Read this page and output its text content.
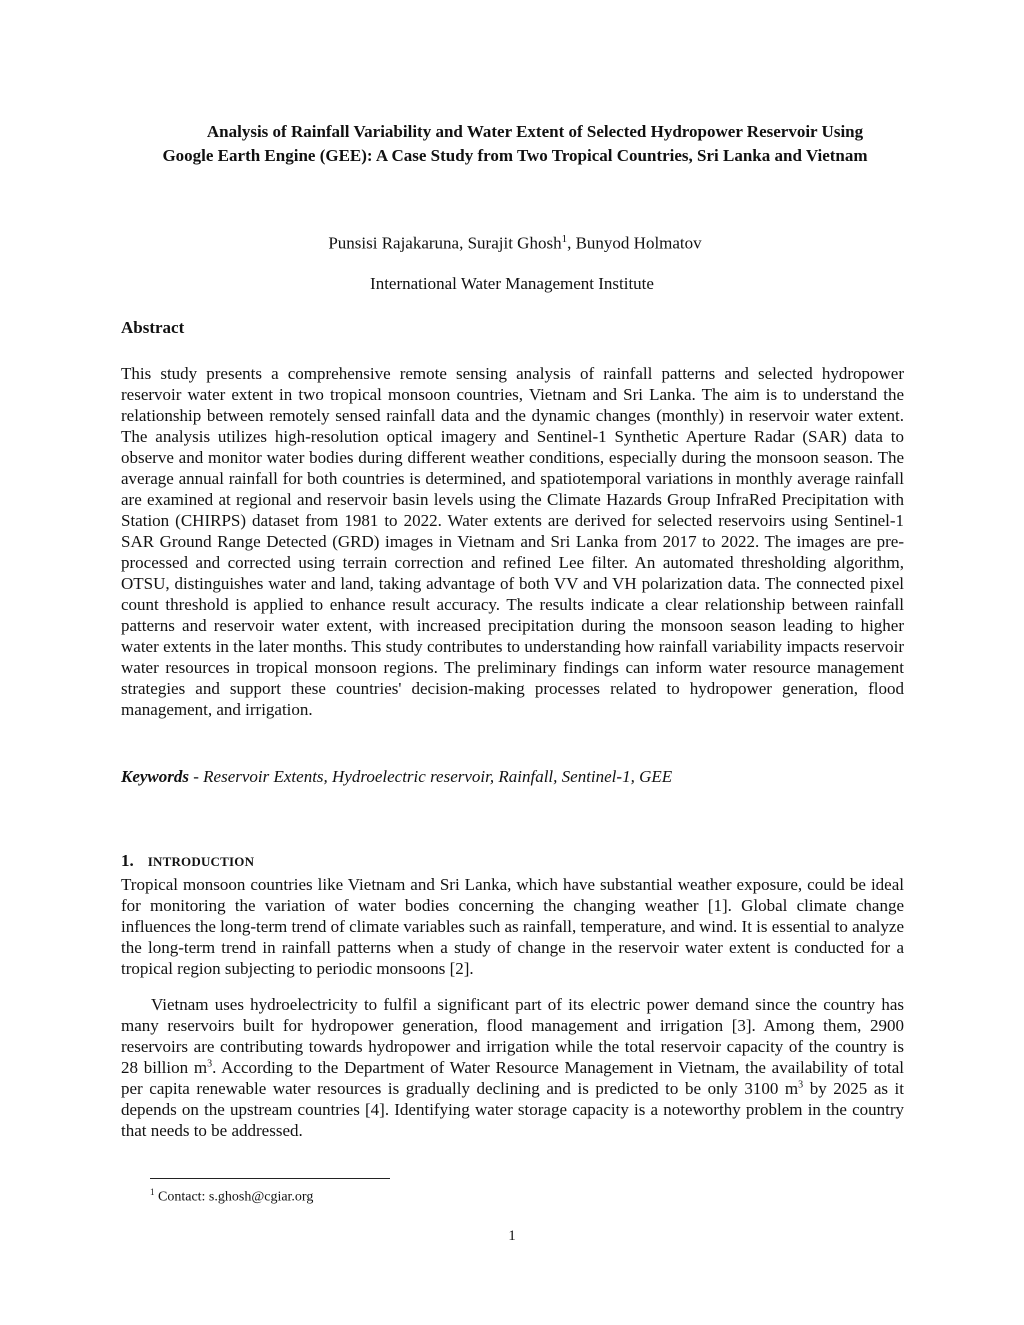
Analysis of Rainfall Variability and Water Extent of Selected Hydropower Reservoir Using
Google Earth Engine (GEE): A Case Study from Two Tropical Countries, Sri Lanka and Vietnam

Punsisi Rajakaruna, Surajit Ghosh$^1$, Bunyod Holmatov

International Water Management Institute

Abstract

This study presents a comprehensive remote sensing analysis of rainfall patterns and selected hydropower reservoir water extent in two tropical monsoon countries, Vietnam and Sri Lanka. The aim is to understand the relationship between remotely sensed rainfall data and the dynamic changes (monthly) in reservoir water extent. The analysis utilizes high-resolution optical imagery and Sentinel-1 Synthetic Aperture Radar (SAR) data to observe and monitor water bodies during different weather conditions, especially during the monsoon season. The average annual rainfall for both countries is determined, and spatiotemporal variations in monthly average rainfall are examined at regional and reservoir basin levels using the Climate Hazards Group InfraRed Precipitation with Station (CHIRPS) dataset from 1981 to 2022. Water extents are derived for selected reservoirs using Sentinel-1 SAR Ground Range Detected (GRD) images in Vietnam and Sri Lanka from 2017 to 2022. The images are pre-processed and corrected using terrain correction and refined Lee filter. An automated thresholding algorithm, OTSU, distinguishes water and land, taking advantage of both VV and VH polarization data. The connected pixel count threshold is applied to enhance result accuracy. The results indicate a clear relationship between rainfall patterns and reservoir water extent, with increased precipitation during the monsoon season leading to higher water extents in the later months. This study contributes to understanding how rainfall variability impacts reservoir water resources in tropical monsoon regions. The preliminary findings can inform water resource management strategies and support these countries' decision-making processes related to hydropower generation, flood management, and irrigation.

Keywords - Reservoir Extents, Hydroelectric reservoir, Rainfall, Sentinel-1, GEE

1. INTRODUCTION

Tropical monsoon countries like Vietnam and Sri Lanka, which have substantial weather exposure, could be ideal for monitoring the variation of water bodies concerning the changing weather [1]. Global climate change influences the long-term trend of climate variables such as rainfall, temperature, and wind. It is essential to analyze the long-term trend in rainfall patterns when a study of change in the reservoir water extent is conducted for a tropical region subjecting to periodic monsoons [2].

Vietnam uses hydroelectricity to fulfil a significant part of its electric power demand since the country has many reservoirs built for hydropower generation, flood management and irrigation [3]. Among them, 2900 reservoirs are contributing towards hydropower and irrigation while the total reservoir capacity of the country is 28 billion $m^3$. According to the Department of Water Resource Management in Vietnam, the availability of total per capita renewable water resources is gradually declining and is predicted to be only 3100 $m^3$ by 2025 as it depends on the upstream countries [4]. Identifying water storage capacity is a noteworthy problem in the country that needs to be addressed.

$^1$ Contact: s.ghosh@cgiar.org

1
